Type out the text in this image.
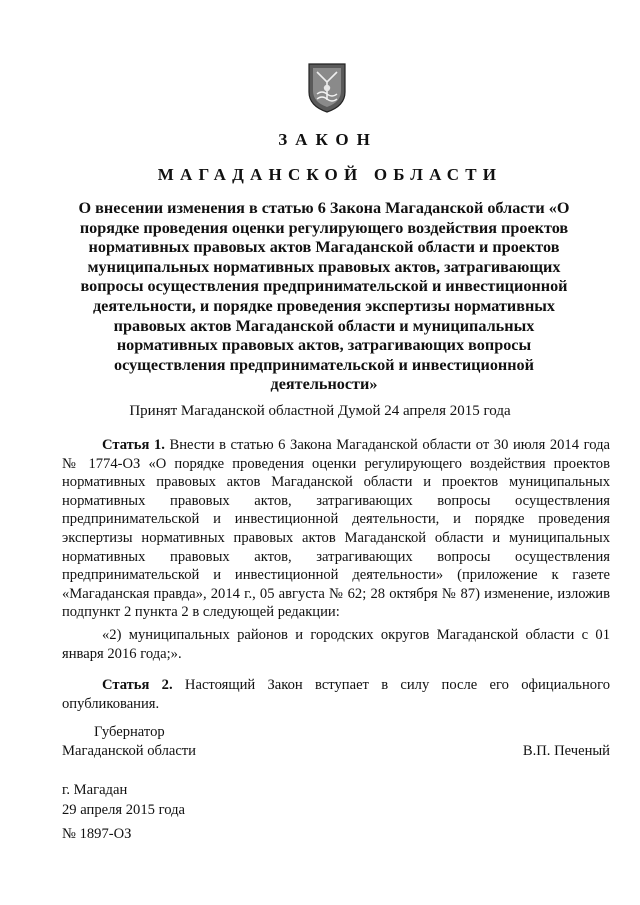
ЗАКОН

МАГАДАНСКОЙ ОБЛАСТИ

О внесении изменения в статью 6 Закона Магаданской области «О порядке проведения оценки регулирующего воздействия проектов нормативных правовых актов Магаданской области и проектов муниципальных нормативных правовых актов, затрагивающих вопросы осуществления предпринимательской и инвестиционной деятельности, и порядке проведения экспертизы нормативных правовых актов Магаданской области и муниципальных нормативных правовых актов, затрагивающих вопросы осуществления предпринимательской и инвестиционной деятельности»

Принят Магаданской областной Думой 24 апреля 2015 года

Статья 1. Внести в статью 6 Закона Магаданской области от 30 июля 2014 года № 1774-ОЗ «О порядке проведения оценки регулирующего воздействия проектов нормативных правовых актов Магаданской области и проектов муниципальных нормативных правовых актов, затрагивающих вопросы осуществления предпринимательской и инвестиционной деятельности, и порядке проведения экспертизы нормативных правовых актов Магаданской области и муниципальных нормативных правовых актов, затрагивающих вопросы осуществления предпринимательской и инвестиционной деятельности» (приложение к газете «Магаданская правда», 2014 г., 05 августа № 62; 28 октября № 87) изменение, изложив подпункт 2 пункта 2 в следующей редакции:

«2) муниципальных районов и городских округов Магаданской области с 01 января 2016 года;».

Статья 2. Настоящий Закон вступает в силу после его официального опубликования.

Губернатор
Магаданской области	В.П. Печеный

г. Магадан

29 апреля 2015 года

№ 1897-ОЗ
